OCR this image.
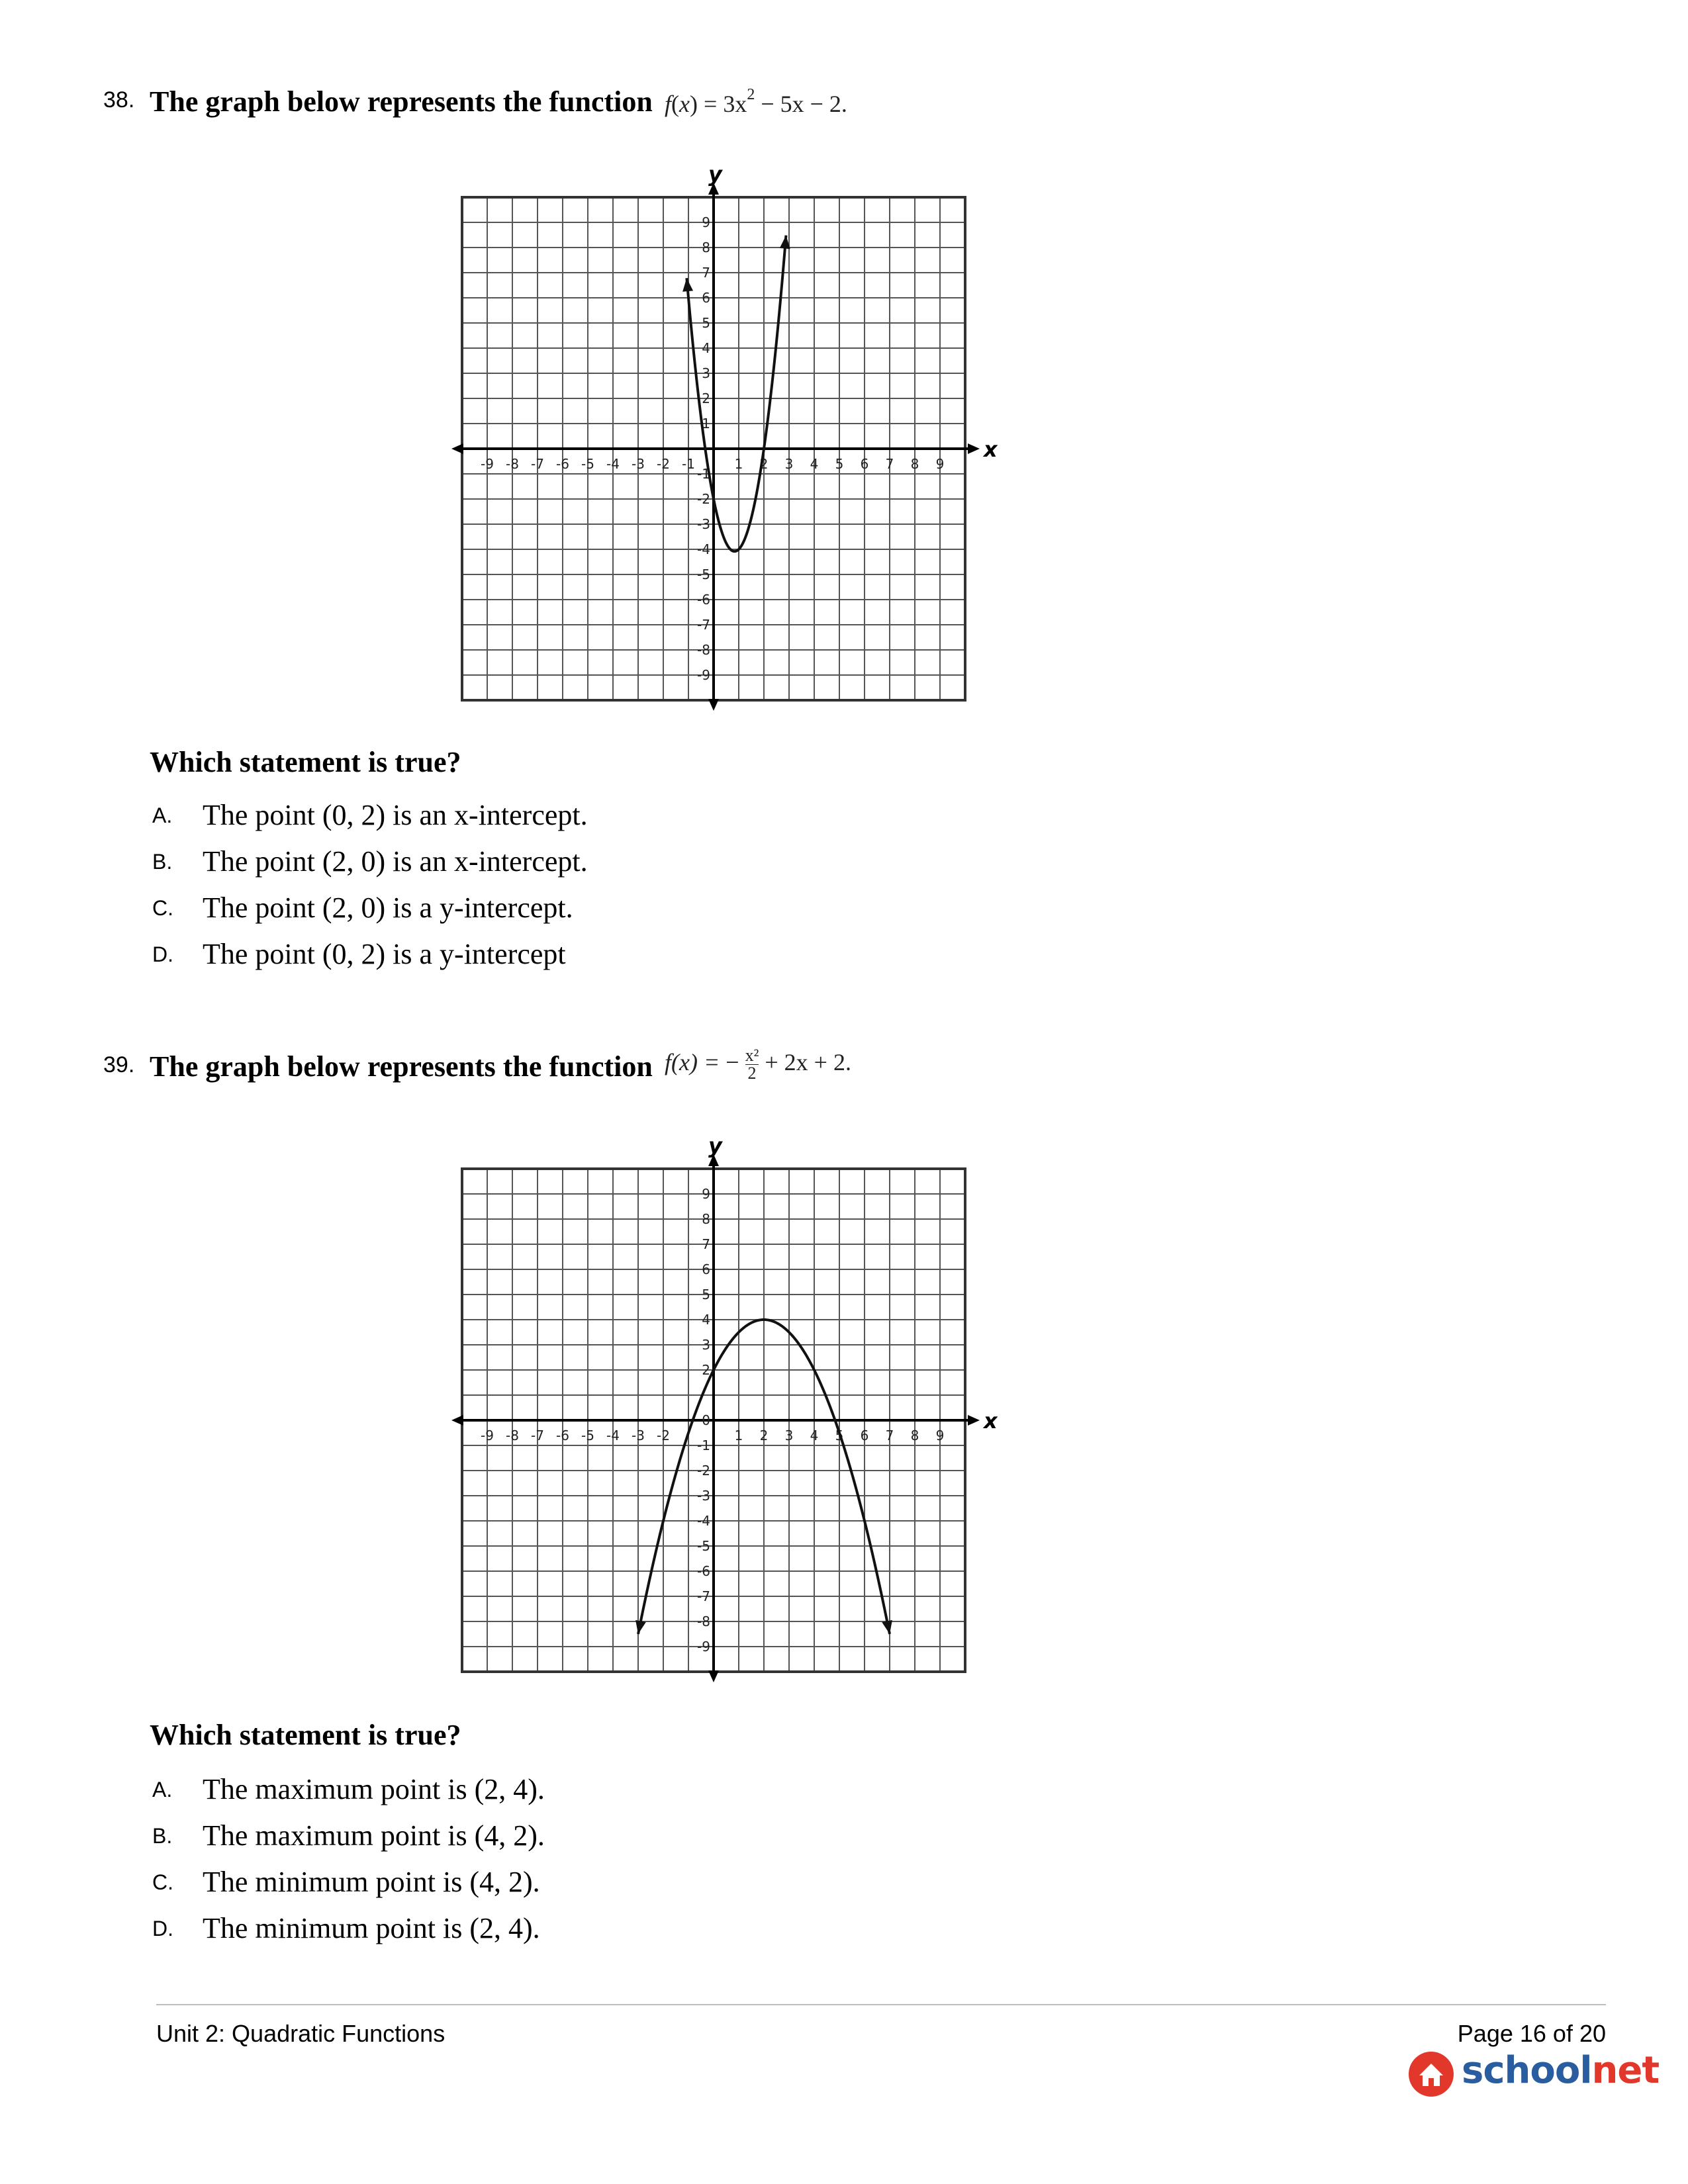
38. The graph below represents the function $f(x) = 3x^2 - 5x - 2$.
x
y
-9 -8 -7 -6 -5 -4 -3 -2 -1	1 2 3 4 5 6 7 8 9
9
8
7
6
5
4
3
2
1
-1
-2
-3
-4
-5
-6
-7
-8
-9
Which statement is true?
A. The point (0, 2) is an x-intercept.
B. The point (2, 0) is an x-intercept.
C. The point (2, 0) is a y-intercept.
D. The point (0, 2) is a y-intercept
39. The graph below represents the function f(x) = − $\frac{\text{x²}}{2} + 2x + 2$.
x
y
-9 -8 -7 -6 -5 -4 -3 -2	1 2 3 4 5 6 7 8 9
9
8
7
6
5
4
3
2
0
-1
-2
-3
-4
-5
-6
-7
-8
-9
Which statement is true?
A. The maximum point is (2, 4).
B. The maximum point is (4, 2).
C. The minimum point is (4, 2).
D. The minimum point is (2, 4).
Unit 2: Quadratic Functions	Page 16 of 20
schoolnet
